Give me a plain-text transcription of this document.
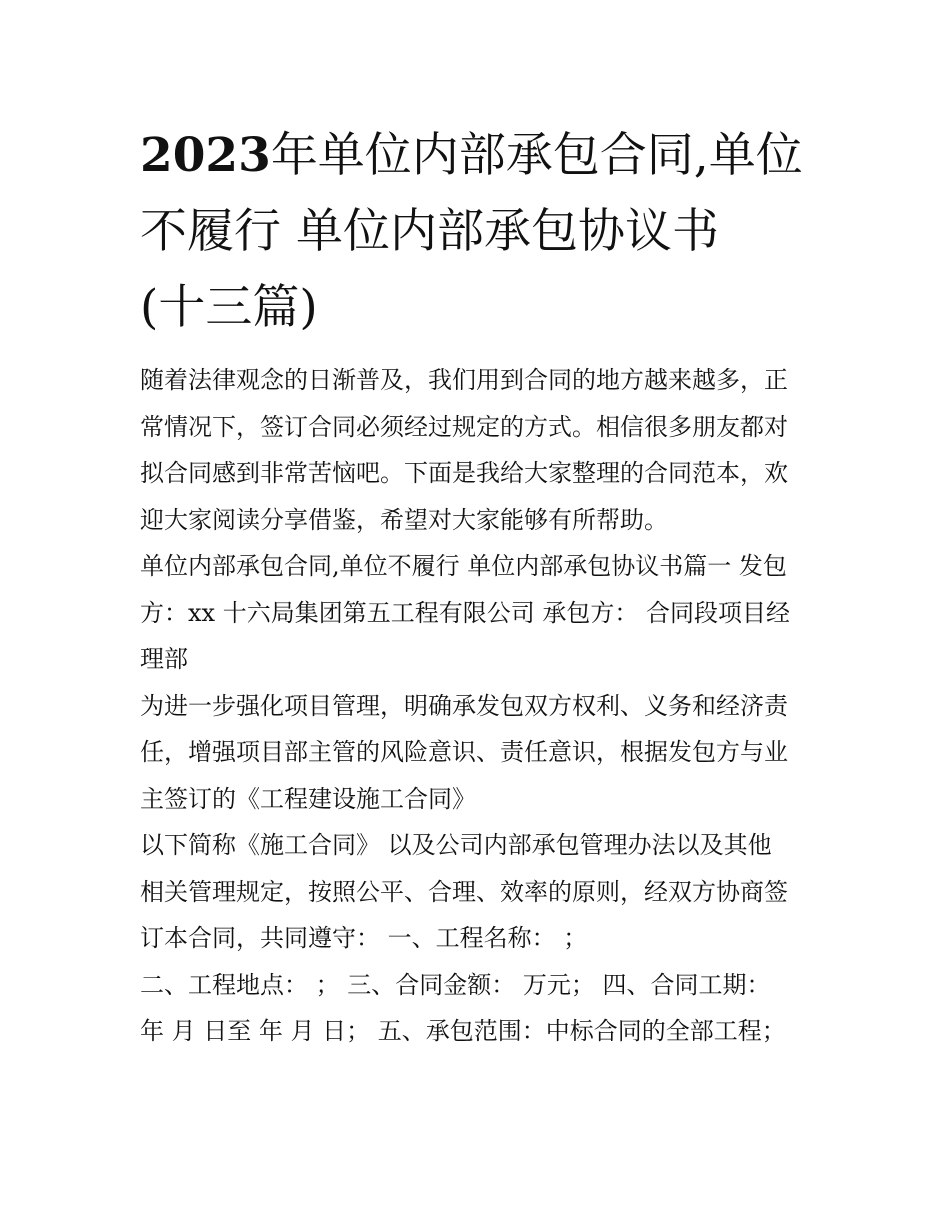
2023年单位内部承包合同,单位
不履行 单位内部承包协议书
(十三篇)
随着法律观念的日渐普及，我们用到合同的地方越来越多，正
常情况下，签订合同必须经过规定的方式。相信很多朋友都对
拟合同感到非常苦恼吧。下面是我给大家整理的合同范本，欢
迎大家阅读分享借鉴，希望对大家能够有所帮助。
单位内部承包合同,单位不履行 单位内部承包协议书篇一 发包
方：xx 十六局集团第五工程有限公司 承包方： 合同段项目经
理部
为进一步强化项目管理，明确承发包双方权利、义务和经济责
任，增强项目部主管的风险意识、责任意识，根据发包方与业
主签订的《工程建设施工合同》
以下简称《施工合同》 以及公司内部承包管理办法以及其他
相关管理规定，按照公平、合理、效率的原则，经双方协商签
订本合同，共同遵守： 一、工程名称： ；
二、工程地点： ； 三、合同金额： 万元； 四、合同工期：
年 月 日至 年 月 日； 五、承包范围：中标合同的全部工程；
